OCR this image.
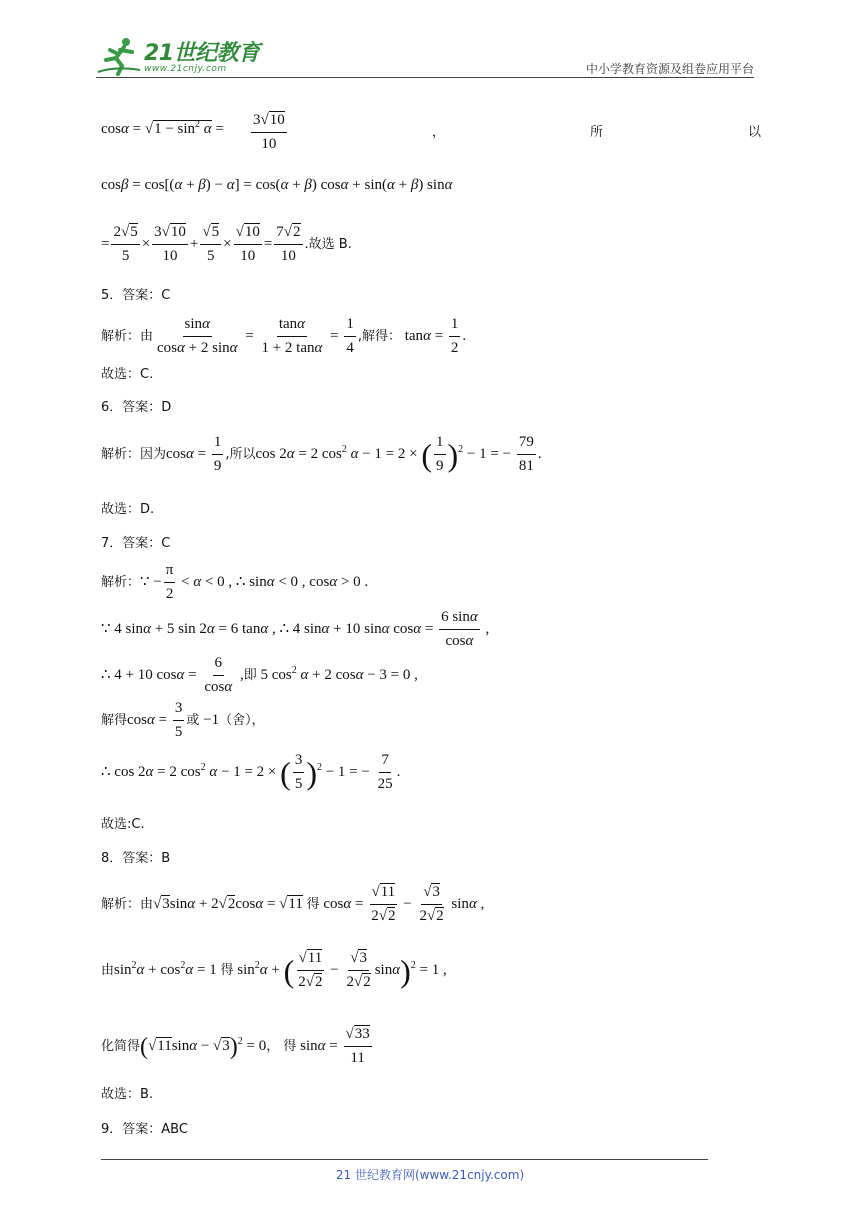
21世纪教育
www.21cnjy.com	中小学教育资源及组卷应用平台
$\cos\alpha = √1 - \sin^2 \alpha = \frac{3√10}{10}$	，	所	以
cosβ = cos[(α + β) − α] = cos(α + β) cosα + sin(α + β) sinα
= $\frac{2√5}{5} \times \frac{3√10}{10} + \frac{√5}{5} \times \frac{√10}{10} = \frac{7√2}{10}$ .故选 B.
5．答案：C
解析：由 $\frac{\sin\alpha}{\cos\alpha + 2 \sin\alpha} = \frac{\tan\alpha}{1 + 2 \tan\alpha} = \frac{1}{4}$ ,解得： $\tan\alpha = \frac{1}{2}$ .
故选：C.
6．答案：D
解析：因为$\cos\alpha = \frac{1}{9}$ ,所以cos 2α = 2 $\cos^2 \alpha - 1 = 2$ × ( $\frac{1}{9} )^2 - 1$ = − $\frac{79}{81}$ .
故选：D.
7．答案：C
解析：∵ − $\frac{\pi}{2} < \alpha < 0$ , ∴ sinα < 0 , cosα > 0 .
∵ 4 sinα + 5 sin 2α = 6 tanα , ∴ 4 sinα + 10 sinα $\cos\alpha = \frac{6 \sin\alpha}{\cos\alpha}$ ,
∴ 4 + 10 $\cos\alpha = \frac{6}{\cos\alpha}$ ,即 5 $\cos^2 \alpha + 2$ cosα − 3 = 0 ,
解得$\cos\alpha = \frac{3}{5}$ 或 −1（舍），
∴ cos 2α = 2 $\cos^2 \alpha - 1 = 2$ × ( $\frac{3}{5} )^2 - 1$ = − $\frac{7}{25}$ .
故选:C.
8．答案：B
解析：由√3sinα + 2√2cosα = √11 得 $\cos\alpha = \frac{√11}{2√2} - \frac{√3}{2√2}$ sinα ,
由$\sin^2\alpha + \cos^2\alpha = 1$ 得 $\sin^2\alpha$ + ( $\frac{√11}{2√2} - \frac{√3}{2√2} \sin\alpha)^2 = 1$ ,
化简得$(√11\sin\alpha - √3)^2 = 0$， 得 $\sin\alpha = \frac{√33}{11}$
故选：B.
9．答案：ABC
21 世纪教育网(www.21cnjy.com)
